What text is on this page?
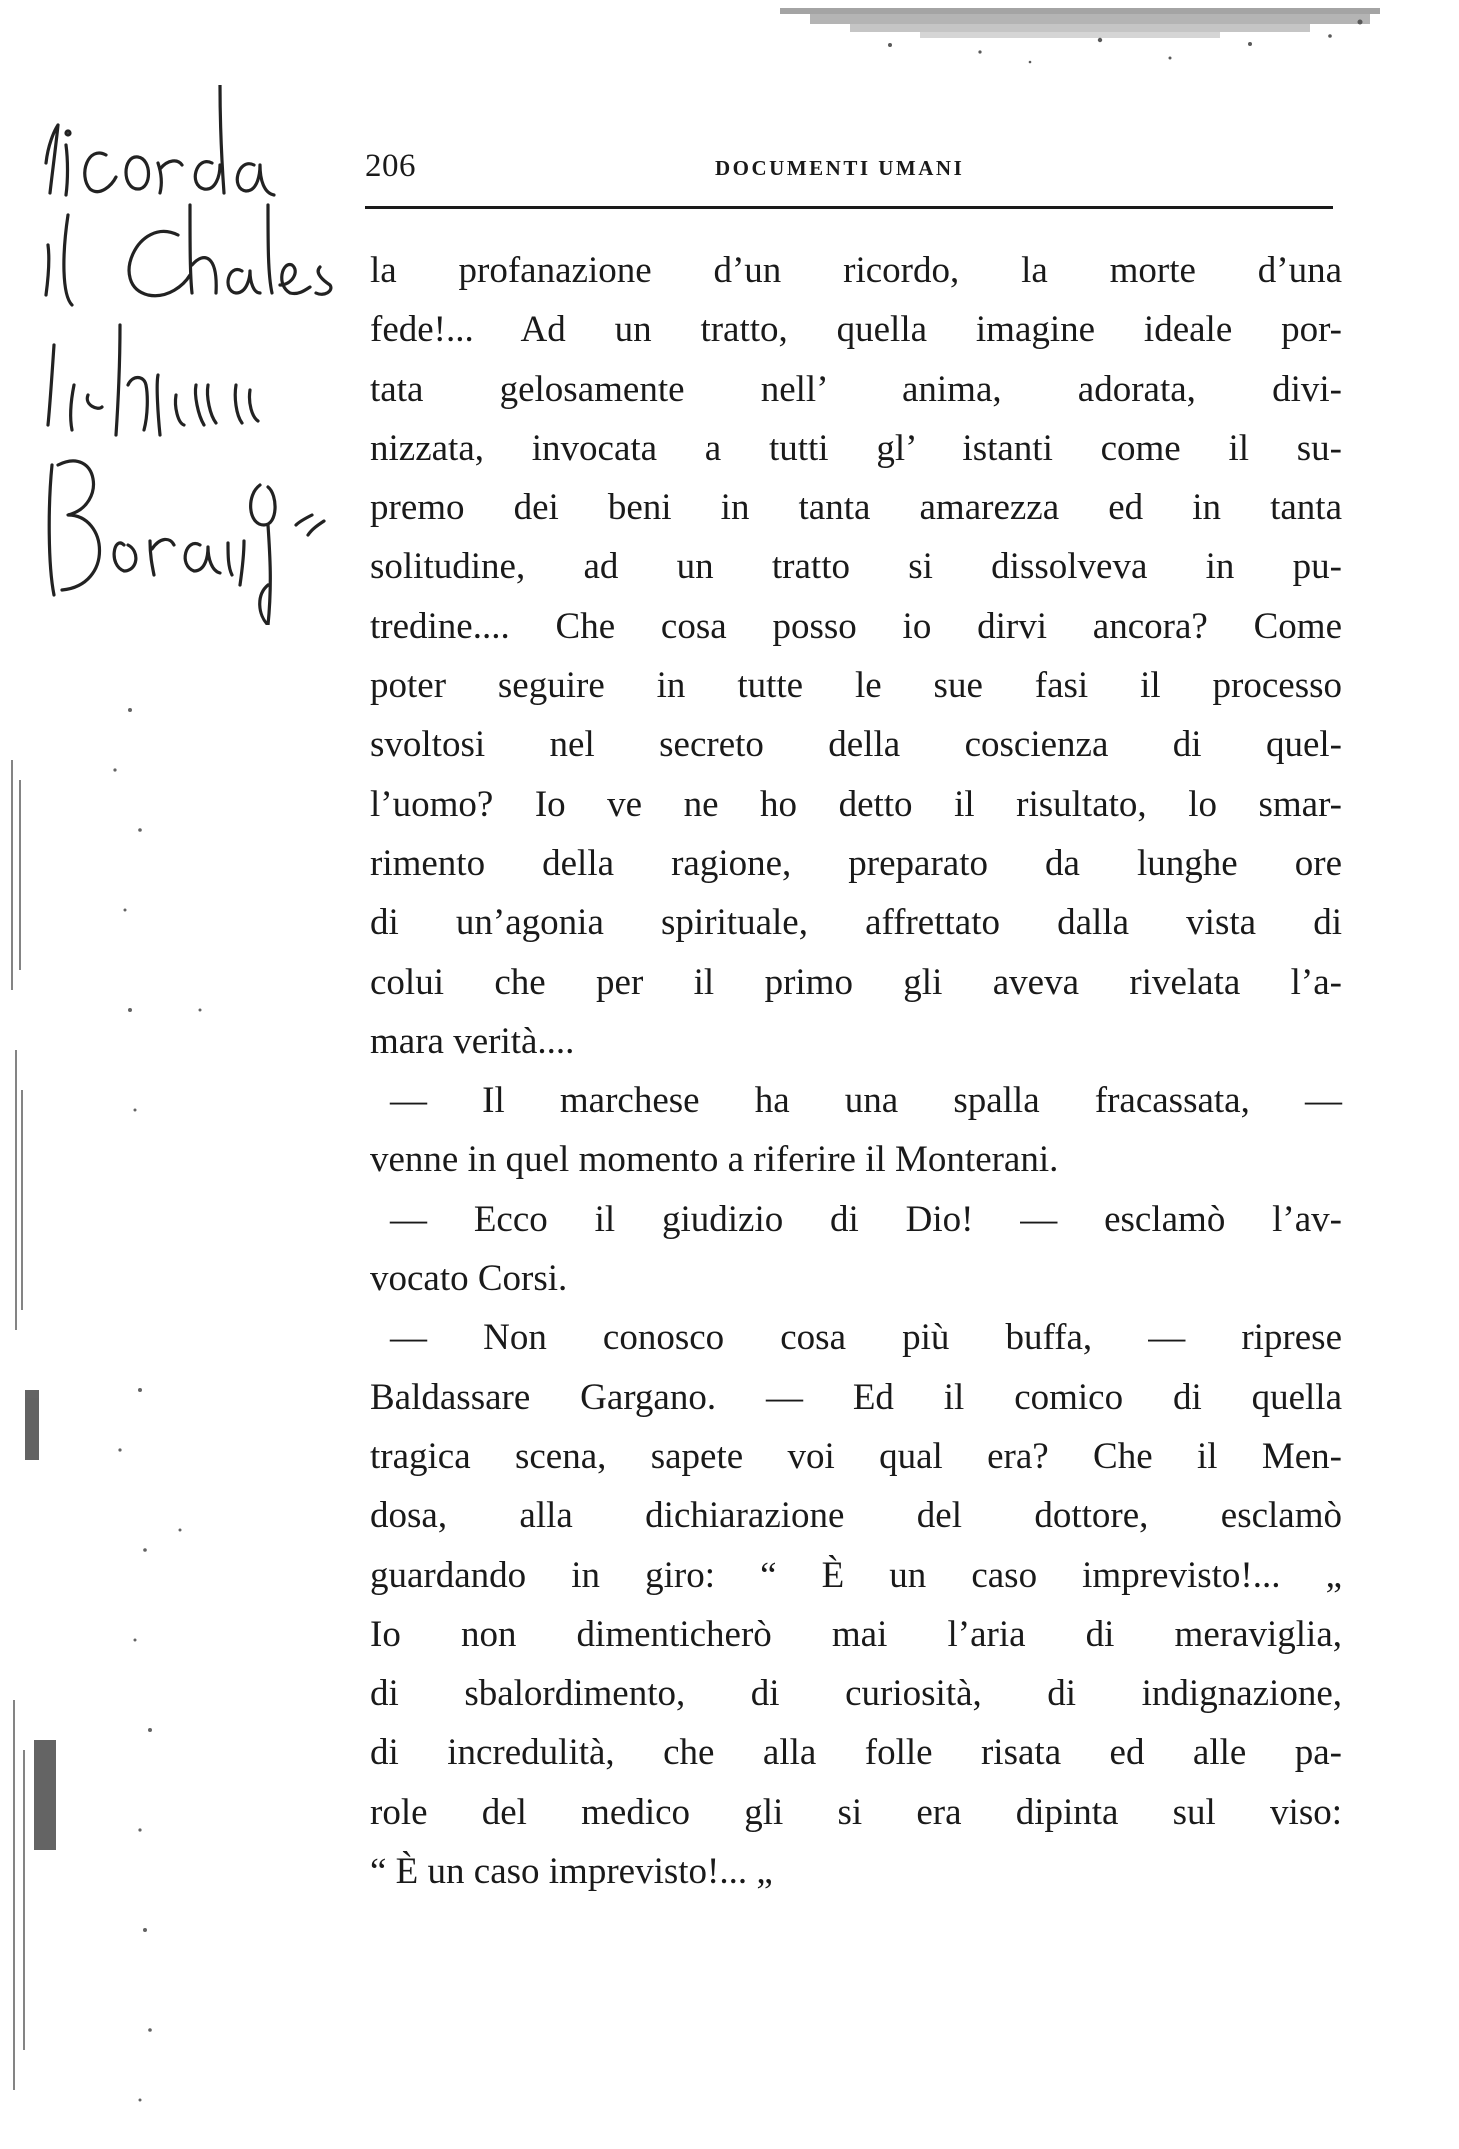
206	DOCUMENTI UMANI
la profanazione d’un ricordo, la morte d’una
fede!... Ad un tratto, quella imagine ideale por-
tata gelosamente nell’ anima, adorata, divi-
nizzata, invocata a tutti gl’ istanti come il su-
premo dei beni in tanta amarezza ed in tanta
solitudine, ad un tratto si dissolveva in pu-
tredine.... Che cosa posso io dirvi ancora? Come
poter seguire in tutte le sue fasi il processo
svoltosi nel secreto della coscienza di quel-
l’uomo? Io ve ne ho detto il risultato, lo smar-
rimento della ragione, preparato da lunghe ore
di un’agonia spirituale, affrettato dalla vista di
colui che per il primo gli aveva rivelata l’a-
mara verità....
— Il marchese ha una spalla fracassata, —
venne in quel momento a riferire il Monterani.
— Ecco il giudizio di Dio! — esclamò l’av-
vocato Corsi.
— Non conosco cosa più buffa, — riprese
Baldassare Gargano. — Ed il comico di quella
tragica scena, sapete voi qual era? Che il Men-
dosa, alla dichiarazione del dottore, esclamò
guardando in giro: “ È un caso imprevisto!... „
Io non dimenticherò mai l’aria di meraviglia,
di sbalordimento, di curiosità, di indignazione,
di incredulità, che alla folle risata ed alle pa-
role del medico gli si era dipinta sul viso:
“ È un caso imprevisto!... „
